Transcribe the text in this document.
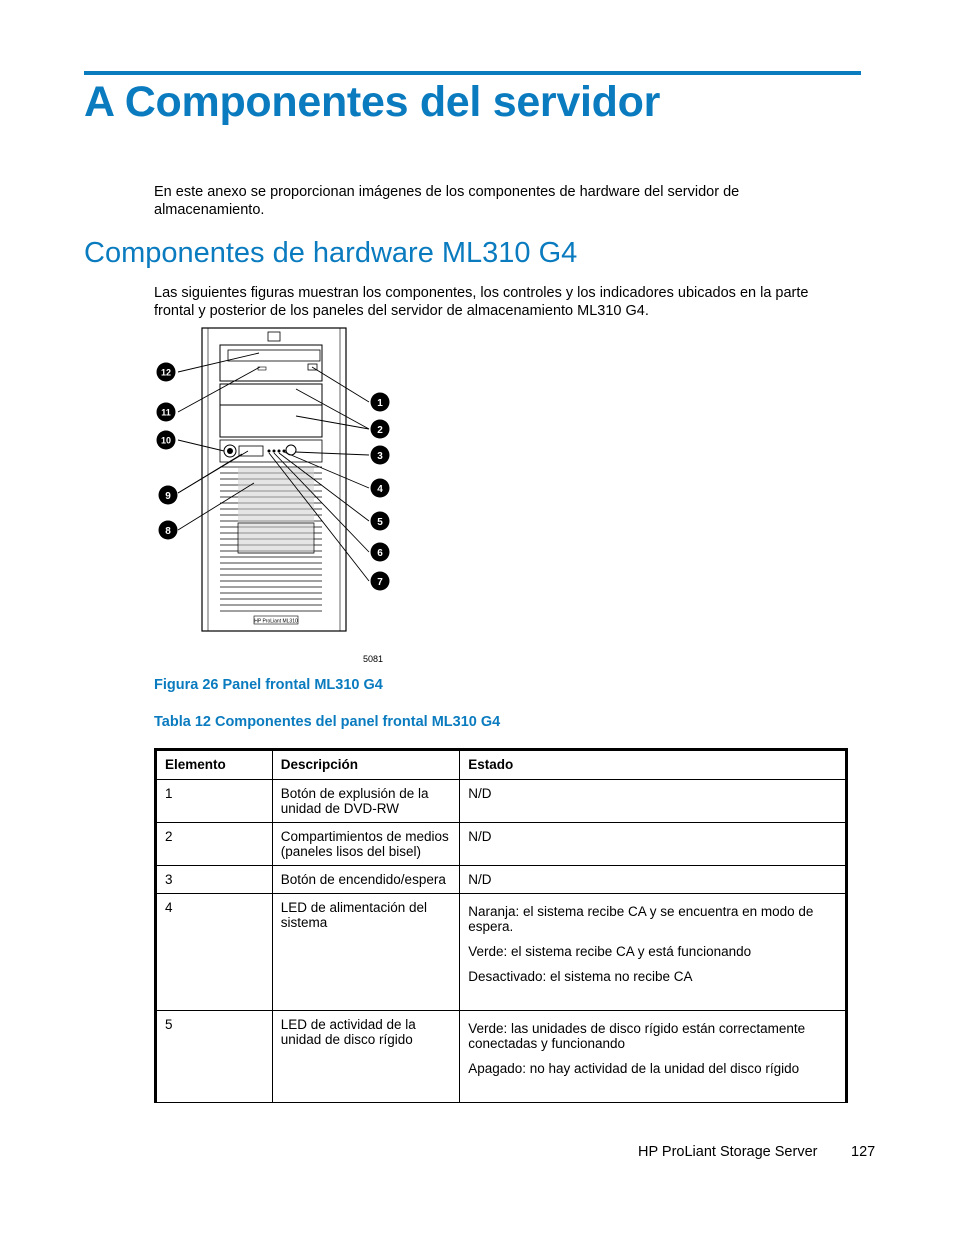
A Componentes del servidor

En este anexo se proporcionan imágenes de los componentes de hardware del servidor de almacenamiento.

Componentes de hardware ML310 G4

Las siguientes figuras muestran los componentes, los controles y los indicadores ubicados en la parte frontal y posterior de los paneles del servidor de almacenamiento ML310 G4.

HP ProLiant ML310
1
2
3
4
5
6
7
8
9
10
11
12
5081
Figura 26 Panel frontal ML310 G4
Tabla 12 Componentes del panel frontal ML310 G4
Elemento	Descripción	Estado
1	Botón de explusión de la unidad de DVD-RW	N/D
2	Compartimientos de medios (paneles lisos del bisel)	N/D
3	Botón de encendido/espera	N/D
4	LED de alimentación del sistema	Naranja: el sistema recibe CA y se encuentra en modo de espera.
Verde: el sistema recibe CA y está funcionando
Desactivado: el sistema no recibe CA

5	LED de actividad de la unidad de disco rígido	Verde: las unidades de disco rígido están correctamente conectadas y funcionando
Apagado: no hay actividad de la unidad del disco rígido
HP ProLiant Storage Server 127
